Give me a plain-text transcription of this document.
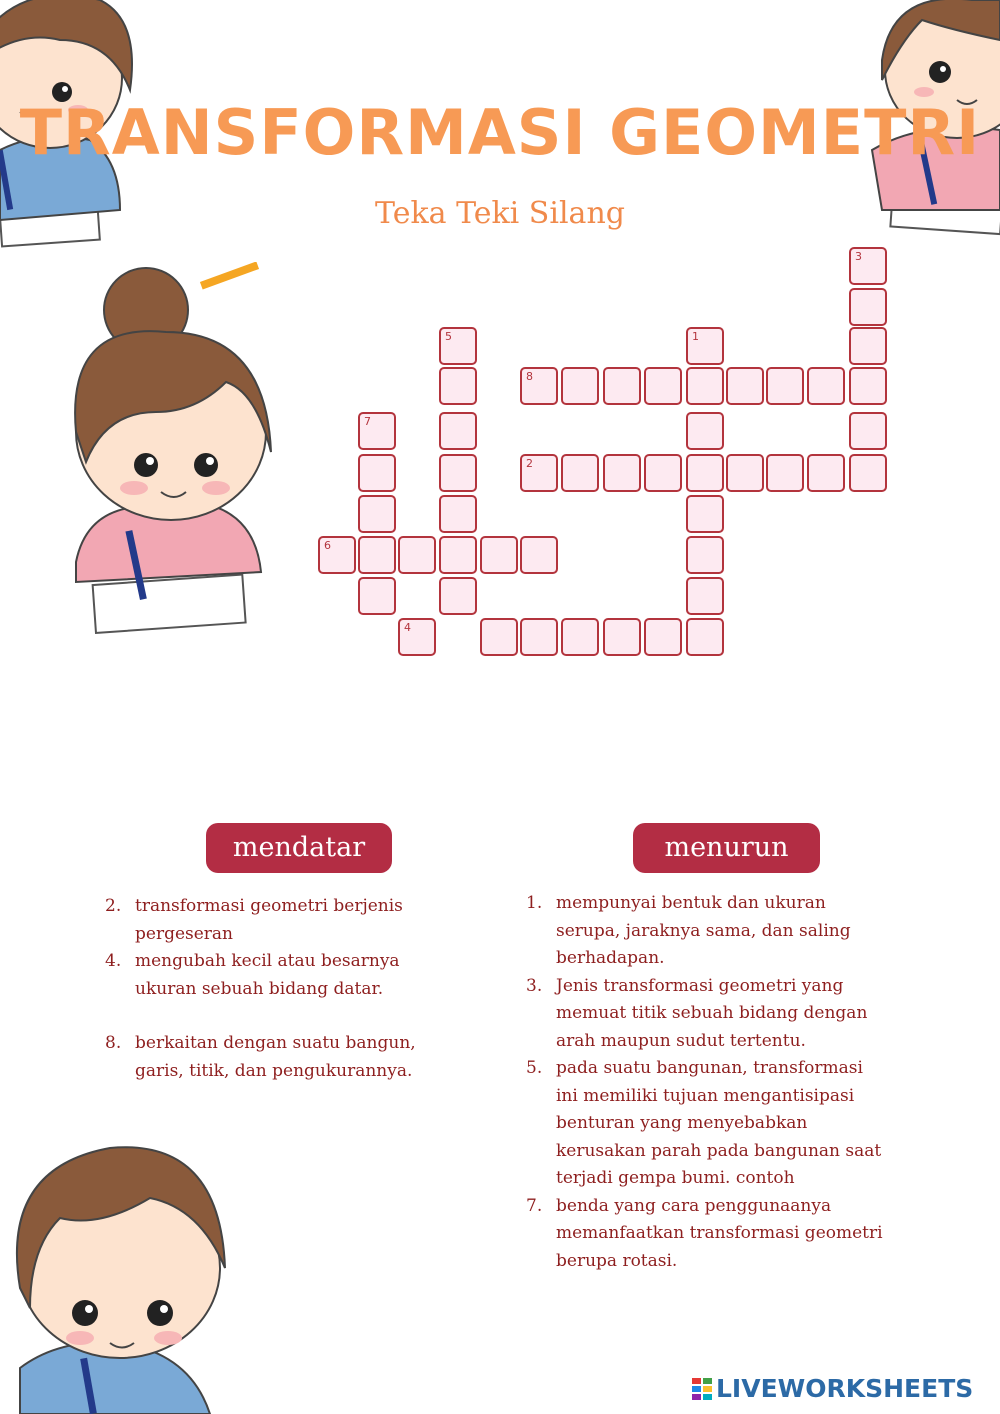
TRANSFORMASI GEOMETRI
Teka Teki Silang
3
5	1
8
7
2
6
4
mendatar	menurun
2. transformasi geometri berjenis pergeseran
4. mengubah kecil atau besarnya ukuran sebuah bidang datar.
8. berkaitan dengan suatu bangun, garis, titik, dan pengukurannya.
1. mempunyai bentuk dan ukuran serupa, jaraknya sama, dan saling berhadapan.
3. Jenis transformasi geometri yang memuat titik sebuah bidang dengan arah maupun sudut tertentu.
5. pada suatu bangunan, transformasi ini memiliki tujuan mengantisipasi benturan yang menyebabkan kerusakan parah pada bangunan saat terjadi gempa bumi. contoh
7. benda yang cara penggunaanya memanfaatkan transformasi geometri berupa rotasi.
LIVEWORKSHEETS
